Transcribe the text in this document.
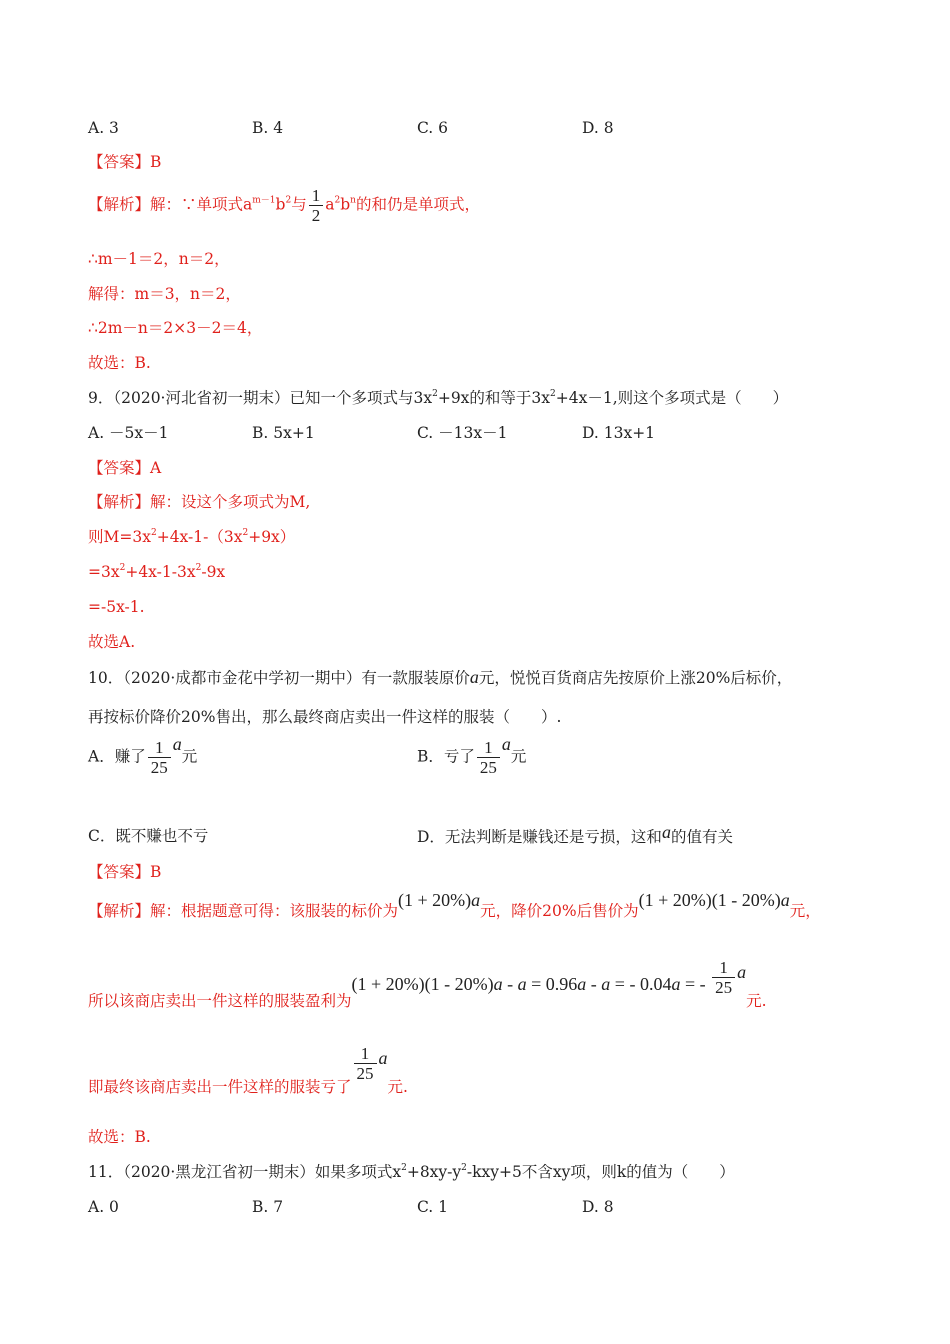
A. 3	B. 4	C. 6	D. 8
【答案】B
【解析】解：∵单项式$a^{m-1}b^2$与 $\frac{1}{2} a^2b^n$的和仍是单项式，
∴m－1＝2，n＝2，
解得：m＝3，n＝2，
∴2m－n＝2×3－2＝4，
故选：B.
9．（2020·河北省初一期末）已知一个多项式与$3x^2+9x$的和等于$3x^2+4x-1$,则这个多项式是（　　）
A. －5x－1	B. 5x+1	C. －13x－1	D. 13x+1
【答案】A
【解析】解：设这个多项式为M,
则$M=3x^2+4x-1-(3x^2+9x)$
$=3x^2+4x-1-3x^2-9x$
=-5x-1.
故选A.
10．（2020·成都市金花中学初一期中）有一款服装原价a元，悦悦百货商店先按原价上涨20%后标价，
再按标价降价20%售出，那么最终商店卖出一件这样的服装（　　）.
A．赚了 $\frac{1}{25}$ a元	B．亏了 $\frac{1}{25}$ a元
C．既不赚也不亏	D．无法判断是赚钱还是亏损，这和a的值有关
【答案】B
【解析】解：根据题意可得：该服装的标价为(1 + 20%)a元，降价20%后售价为(1 + 20%)(1 - 20%)a元，
所以该商店卖出一件这样的服装盈利为(1 + 20%)(1 - 20%)a - a = 0.96a - a = - 0.04a = - $\frac{1}{25}$ a元.
即最终该商店卖出一件这样的服装亏了
$\frac{1}{25}$ a元.
故选：B.
11．（2020·黑龙江省初一期末）如果多项式$x^2+8xy-y^2-kxy+5$不含xy项，则k的值为（　　）
A. 0	B. 7	C. 1	D. 8
